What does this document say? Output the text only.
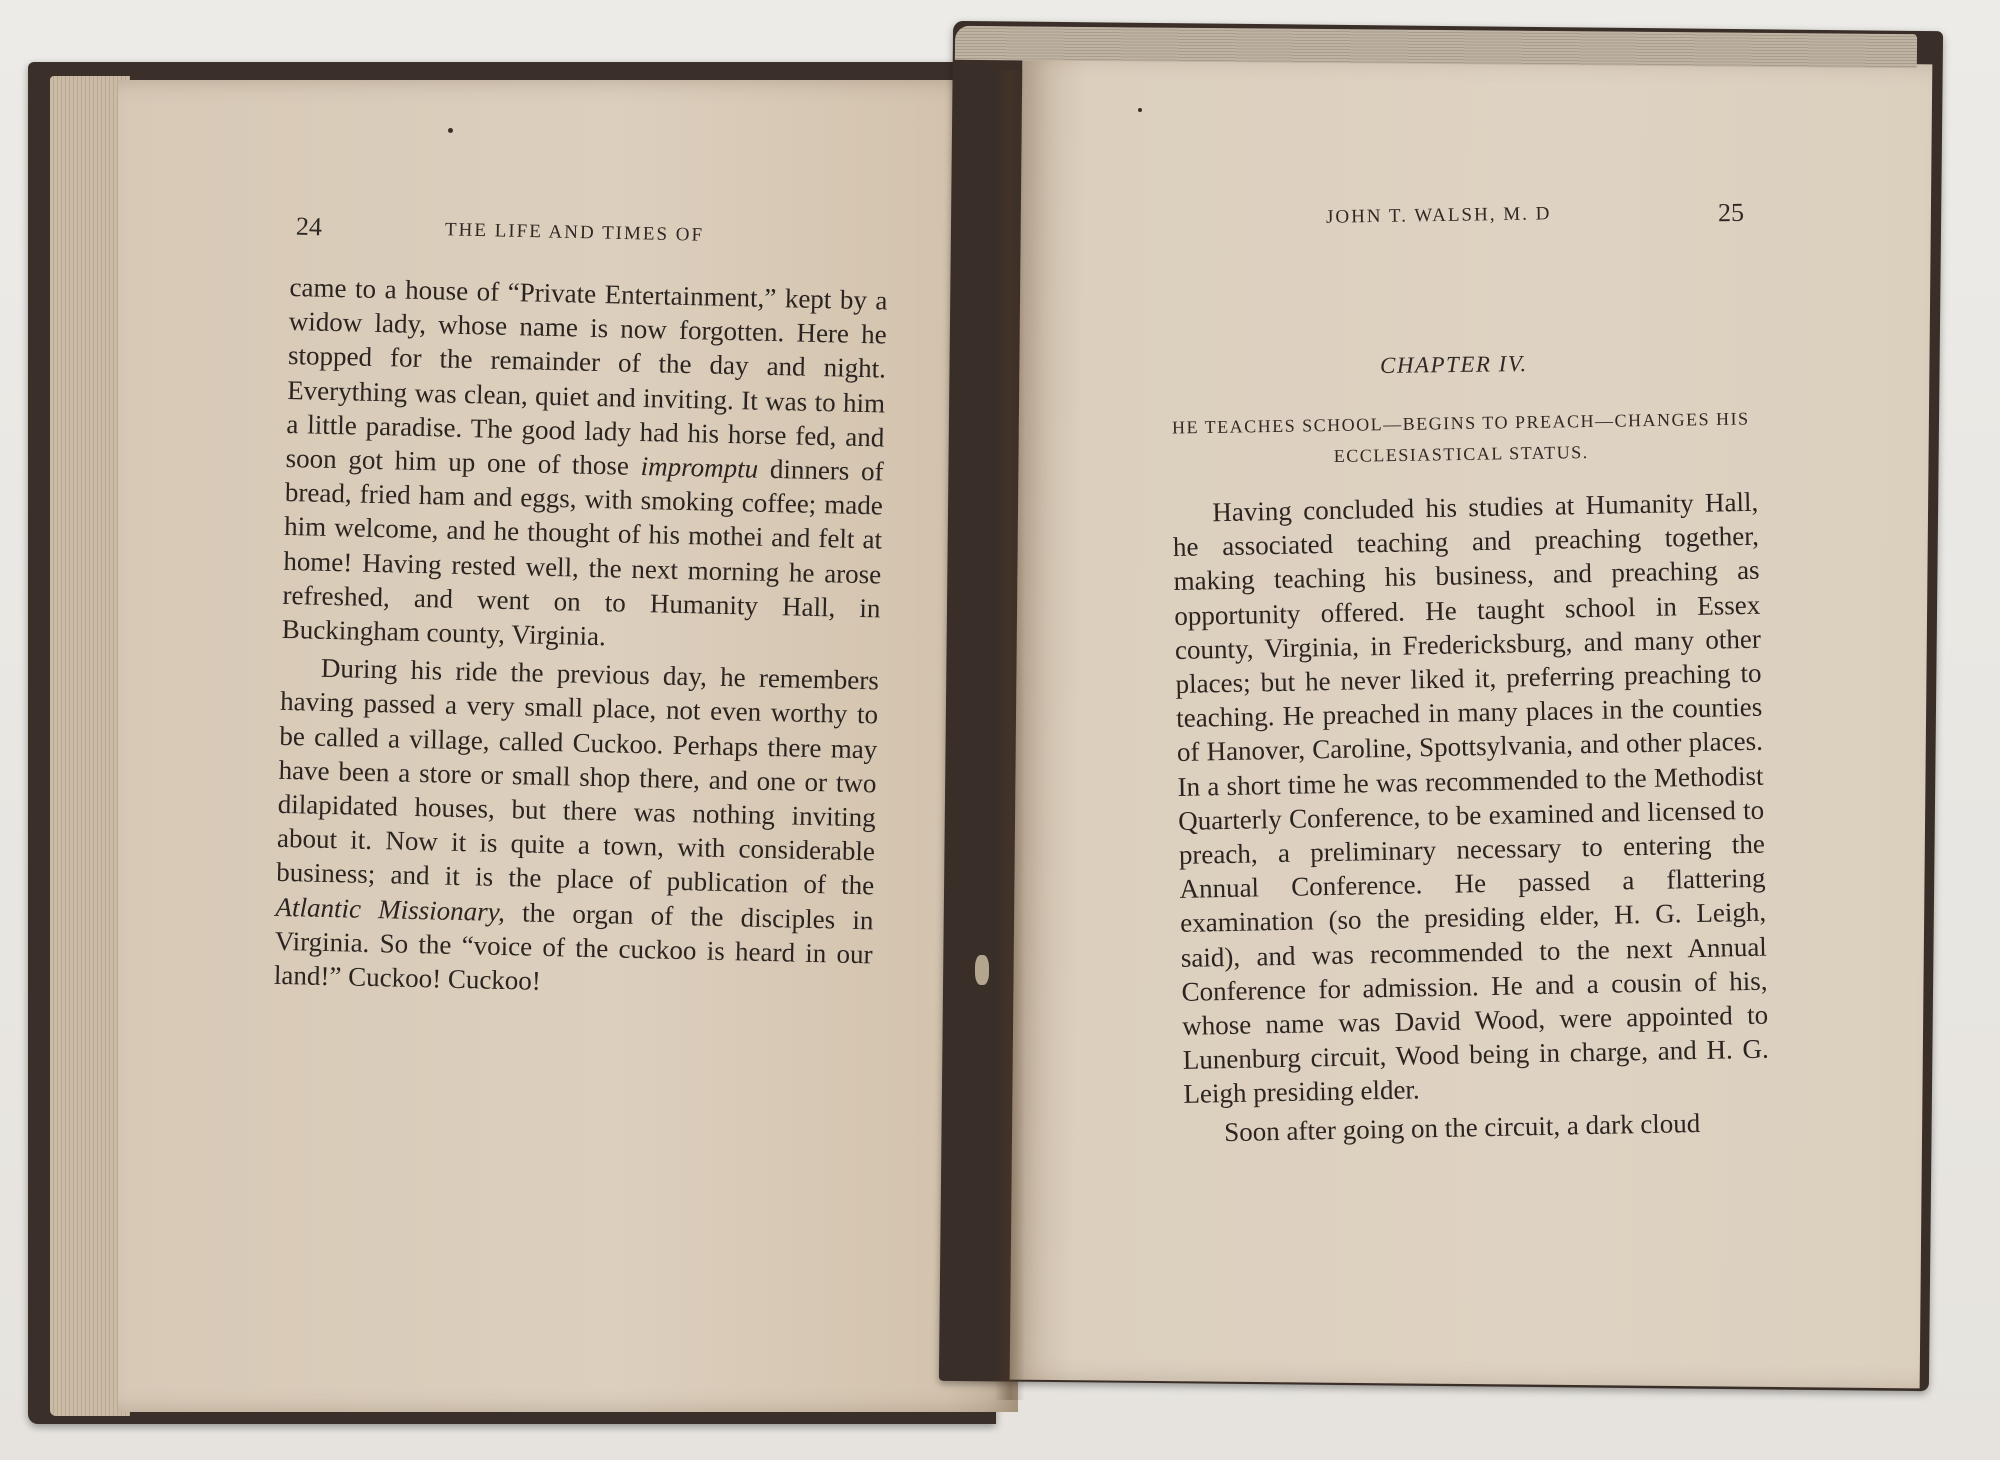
24	THE LIFE AND TIMES OF

came to a house of “Private Entertainment,” kept by a widow lady, whose name is now forgotten. Here he stopped for the remainder of the day and night. Everything was clean, quiet and inviting. It was to him a little paradise. The good lady had his horse fed, and soon got him up one of those impromptu dinners of bread, fried ham and eggs, with smoking coffee; made him welcome, and he thought of his mothei and felt at home! Having rested well, the next morning he arose refreshed, and went on to Humanity Hall, in Buckingham county, Virginia.

During his ride the previous day, he remembers having passed a very small place, not even worthy to be called a village, called Cuckoo. Perhaps there may have been a store or small shop there, and one or two dilapidated houses, but there was nothing inviting about it. Now it is quite a town, with considerable business; and it is the place of publication of the Atlantic Missionary, the organ of the disciples in Virginia. So the “voice of the cuckoo is heard in our land!” Cuckoo! Cuckoo!

JOHN T. WALSH, M. D	25
CHAPTER IV.
HE TEACHES SCHOOL—BEGINS TO PREACH—CHANGES HIS ECCLESIASTICAL STATUS.

Having concluded his studies at Humanity Hall, he associated teaching and preaching together, making teaching his business, and preaching as opportunity offered. He taught school in Essex county, Virginia, in Fredericksburg, and many other places; but he never liked it, preferring preaching to teaching. He preached in many places in the counties of Hanover, Caroline, Spottsylvania, and other places. In a short time he was recommended to the Methodist Quarterly Conference, to be examined and licensed to preach, a preliminary necessary to entering the Annual Conference. He passed a flattering examination (so the presiding elder, H. G. Leigh, said), and was recommended to the next Annual Conference for admission. He and a cousin of his, whose name was David Wood, were appointed to Lunenburg circuit, Wood being in charge, and H. G. Leigh presiding elder.

Soon after going on the circuit, a dark cloud
